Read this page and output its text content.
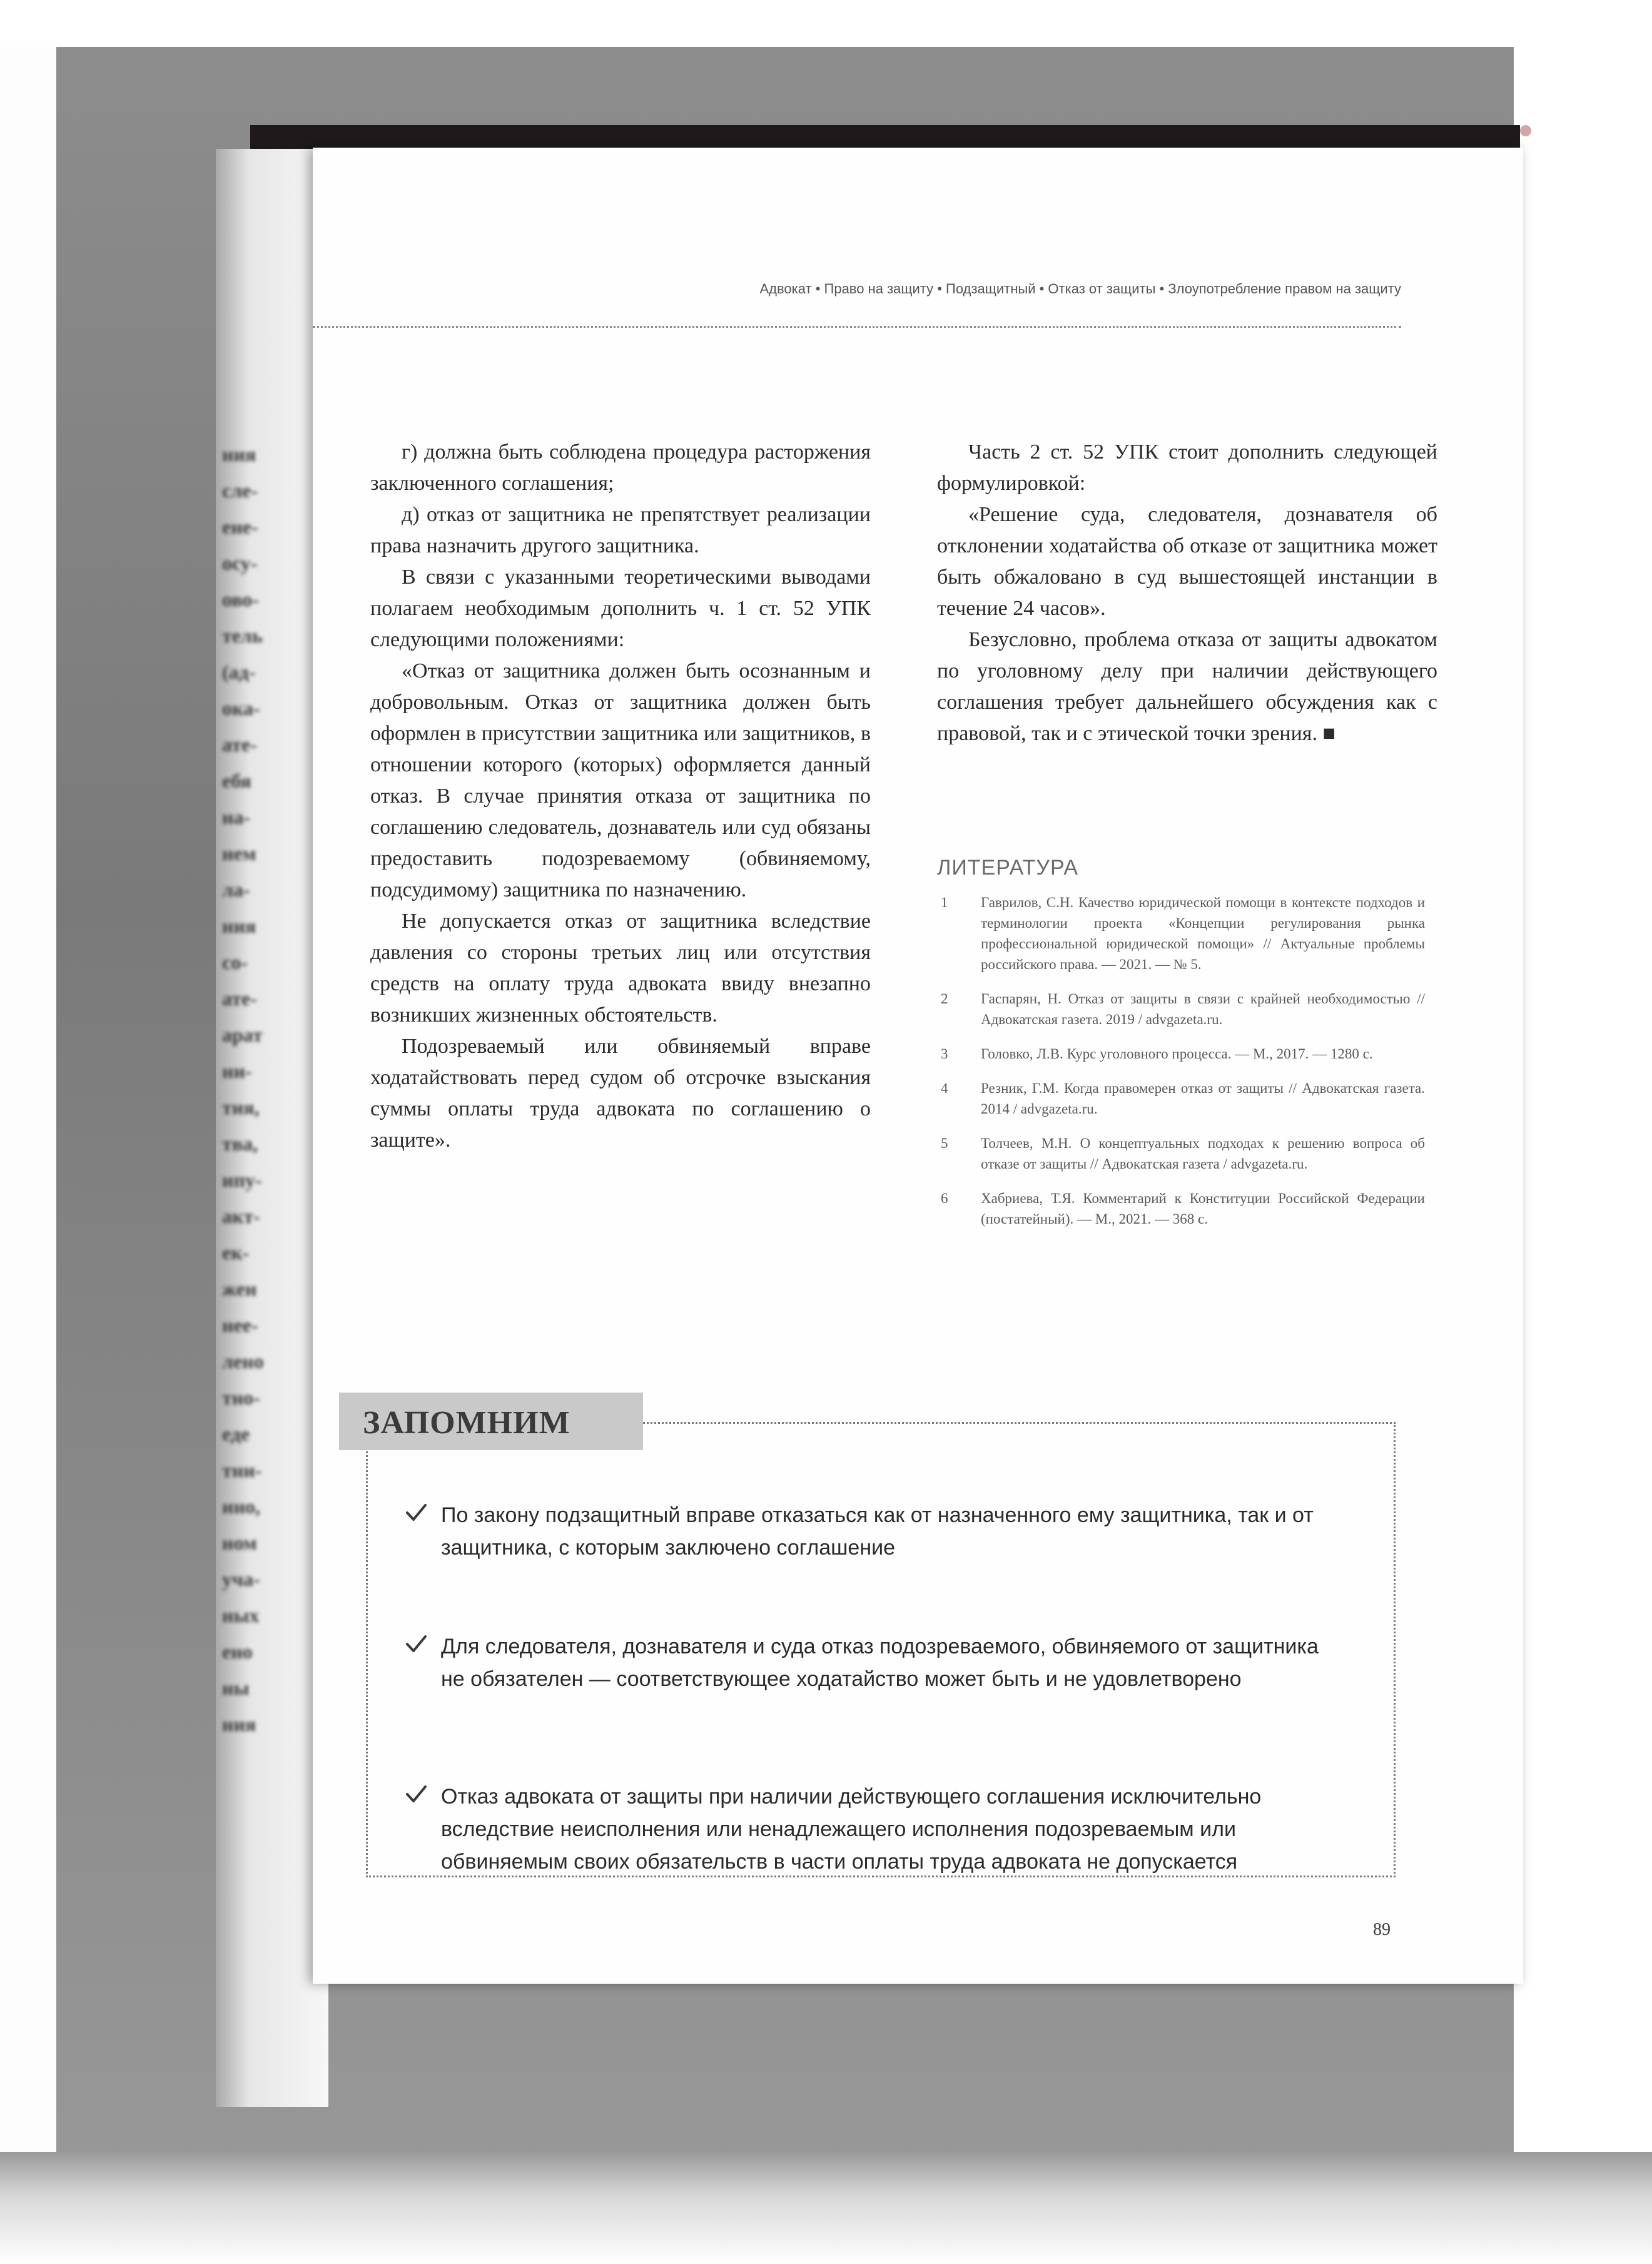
ния
сле-
ене-
осу-
ово-
тель
(ад-
ока-
ате-
ебя
на-
нем
ла-
ния
со-
ате-
арат
ни-
тия,
тва,
ипу-
акт-
ек-
жен
нее-
лено
тно-
еде
тни-
ино,
ном
уча-
ных
ено
ны
ния
Адвокат • Право на защиту • Подзащитный • Отказ от защиты • Злоупотребление правом на защиту

г) должна быть соблюдена процедура расторжения заключенного соглашения;

д) отказ от защитника не препятствует реализации права назначить другого защитника.

В связи с указанными теоретическими выводами полагаем необходимым дополнить ч. 1 ст. 52 УПК следующими положениями:

«Отказ от защитника должен быть осознанным и добровольным. Отказ от защитника должен быть оформлен в присутствии защитника или защитников, в отношении которого (которых) оформляется данный отказ. В случае принятия отказа от защитника по соглашению следователь, дознаватель или суд обязаны предоставить подозреваемому (обвиняемому, подсудимому) защитника по назначению.

Не допускается отказ от защитника вследствие давления со стороны третьих лиц или отсутствия средств на оплату труда адвоката ввиду внезапно возникших жизненных обстоятельств.

Подозреваемый или обвиняемый вправе ходатайствовать перед судом об отсрочке взыскания суммы оплаты труда адвоката по соглашению о защите».

Часть 2 ст. 52 УПК стоит дополнить следующей формулировкой:

«Решение суда, следователя, дознавателя об отклонении ходатайства об отказе от защитника может быть обжаловано в суд вышестоящей инстанции в течение 24 часов».

Безусловно, проблема отказа от защиты адвокатом по уголовному делу при наличии действующего соглашения требует дальнейшего обсуждения как с правовой, так и с этической точки зрения. ■

ЛИТЕРАТУРА
1 Гаврилов, С.Н. Качество юридической помощи в контексте подходов и терминологии проекта «Концепции регулирования рынка профессиональной юридической помощи» // Актуальные проблемы российского права. — 2021. — № 5.
2 Гаспарян, Н. Отказ от защиты в связи с крайней необходимостью // Адвокатская газета. 2019 / advgazeta.ru.
3 Головко, Л.В. Курс уголовного процесса. — М., 2017. — 1280 с.
4 Резник, Г.М. Когда правомерен отказ от защиты // Адвокатская газета. 2014 / advgazeta.ru.
5 Толчеев, М.Н. О концептуальных подходах к решению вопроса об отказе от защиты // Адвокатская газета / advgazeta.ru.
6 Хабриева, Т.Я. Комментарий к Конституции Российской Федерации (постатейный). — М., 2021. — 368 с.
ЗАПОМНИМ
По закону подзащитный вправе отказаться как от назначенного ему защитника, так и от защитника, с которым заключено соглашение
Для следователя, дознавателя и суда отказ подозреваемого, обвиняемого от защитника не обязателен — соответствующее ходатайство может быть и не удовлетворено
Отказ адвоката от защиты при наличии действующего соглашения исключительно вследствие неисполнения или ненадлежащего исполнения подозреваемым или обвиняемым своих обязательств в части оплаты труда адвоката не допускается
89
